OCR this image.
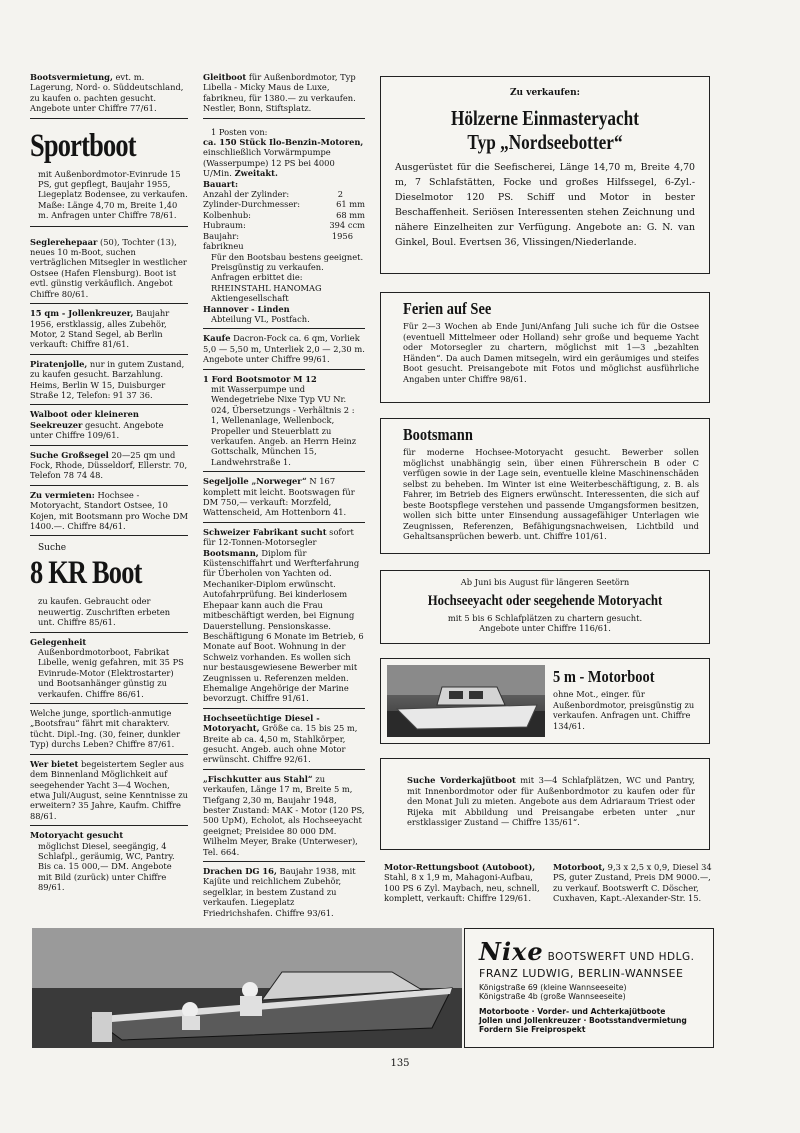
Bootsvermietung, evt. m. Lagerung, Nord- o. Süddeutschland, zu kaufen o. pachten gesucht. Angebote unter Chiffre 77/61.
Sportboot
mit Außenbordmotor-Evinrude 15 PS, gut gepflegt, Baujahr 1955, Liegeplatz Bodensee, zu verkaufen. Maße: Länge 4,70 m, Breite 1,40 m. Anfragen unter Chiffre 78/61.
Seglerehepaar (50), Tochter (13), neues 10 m-Boot, suchen verträglichen Mitsegler in westlicher Ostsee (Hafen Flensburg). Boot ist evtl. günstig verkäuflich. Angebot Chiffre 80/61.
15 qm - Jollenkreuzer, Baujahr 1956, erstklassig, alles Zubehör, Motor, 2 Stand Segel, ab Berlin verkauft: Chiffre 81/61.
Piratenjolle, nur in gutem Zustand, zu kaufen gesucht. Barzahlung. Heims, Berlin W 15, Duisburger Straße 12, Telefon: 91 37 36.
Walboot oder kleineren Seekreuzer gesucht. Angebote unter Chiffre 109/61.
Suche Großsegel 20—25 qm und Fock, Rhode, Düsseldorf, Ellerstr. 70, Telefon 78 74 48.
Zu vermieten: Hochsee - Motoryacht, Standort Ostsee, 10 Kojen, mit Bootsmann pro Woche DM 1400.—. Chiffre 84/61.
Suche
8 KR Boot
zu kaufen. Gebraucht oder neuwertig. Zuschriften erbeten unt. Chiffre 85/61.
Gelegenheit
Außenbordmotorboot, Fabrikat Libelle, wenig gefahren, mit 35 PS Evinrude-Motor (Elektrostarter) und Bootsanhänger günstig zu verkaufen. Chiffre 86/61.
Welche junge, sportlich-anmutige „Bootsfrau“ fährt mit charakterv. tücht. Dipl.-Ing. (30, feiner, dunkler Typ) durchs Leben? Chiffre 87/61.
Wer bietet begeistertem Segler aus dem Binnenland Möglichkeit auf seegehender Yacht 3—4 Wochen, etwa Juli/August, seine Kenntnisse zu erweitern? 35 Jahre, Kaufm. Chiffre 88/61.
Motoryacht gesucht
möglichst Diesel, seegängig, 4 Schlafpl., geräumig, WC, Pantry. Bis ca. 15 000,— DM. Angebote mit Bild (zurück) unter Chiffre 89/61.
Gleitboot für Außenbordmotor, Typ Libella - Micky Maus de Luxe, fabrikneu, für 1380.— zu verkaufen. Nestler, Bonn, Stiftsplatz.
1 Posten von:
ca. 150 Stück Ilo-Benzin-Motoren, einschließlich Vorwärmpumpe (Wasserpumpe) 12 PS bei 4000 U/Min. Zweitakt.
Bauart:
Anzahl der Zylinder:	2
Zylinder-Durchmesser:	61 mm
Kolbenhub:	68 mm
Hubraum:	394 ccm
Baujahr:	1956
fabrikneu
Für den Bootsbau bestens geeignet. Preisgünstig zu verkaufen. Anfragen erbittet die:
RHEINSTAHL HANOMAG
Aktiengesellschaft
Hannover - Linden
Abteilung VL, Postfach.
Kaufe Dacron-Fock ca. 6 qm, Vorliek 5,0 — 5,50 m, Unterliek 2,0 — 2,30 m. Angebote unter Chiffre 99/61.
1 Ford Bootsmotor M 12
mit Wasserpumpe und Wendegetriebe Nixe Typ VU Nr. 024, Übersetzungs - Verhältnis 2 : 1, Wellenanlage, Wellenbock, Propeller und Steuerblatt zu verkaufen. Angeb. an Herrn Heinz Gottschalk, München 15, Landwehrstraße 1.
Segeljolle „Norweger“ N 167 komplett mit leicht. Bootswagen für DM 750,— verkauft: Morzfeld, Wattenscheid, Am Hottenborn 41.
Schweizer Fabrikant sucht sofort für 12-Tonnen-Motorsegler Bootsmann, Diplom für Küstenschiffahrt und Werfterfahrung für Überholen von Yachten od. Mechaniker-Diplom erwünscht. Autofahrprüfung. Bei kinderlosem Ehepaar kann auch die Frau mitbeschäftigt werden, bei Eignung Dauerstellung. Pensionskasse. Beschäftigung 6 Monate im Betrieb, 6 Monate auf Boot. Wohnung in der Schweiz vorhanden. Es wollen sich nur bestausgewiesene Bewerber mit Zeugnissen u. Referenzen melden. Ehemalige Angehörige der Marine bevorzugt. Chiffre 91/61.
Hochseetüchtige Diesel - Motoryacht, Größe ca. 15 bis 25 m, Breite ab ca. 4,50 m, Stahlkörper, gesucht. Angeb. auch ohne Motor erwünscht. Chiffre 92/61.
„Fischkutter aus Stahl“ zu verkaufen, Länge 17 m, Breite 5 m, Tiefgang 2,30 m, Baujahr 1948, bester Zustand: MAK - Motor (120 PS, 500 UpM), Echolot, als Hochseeyacht geeignet; Preisidee 80 000 DM. Wilhelm Meyer, Brake (Unterweser), Tel. 664.
Drachen DG 16, Baujahr 1938, mit Kajüte und reichlichem Zubehör, segelklar, in bestem Zustand zu verkaufen. Liegeplatz Friedrichshafen. Chiffre 93/61.
Zu verkaufen:
Hölzerne Einmasteryacht
Typ „Nordseebotter“
Ausgerüstet für die Seefischerei, Länge 14,70 m, Breite 4,70 m, 7 Schlafstätten, Focke und großes Hilfssegel, 6-Zyl.-Dieselmotor 120 PS. Schiff und Motor in bester Beschaffenheit. Seriösen Interessenten stehen Zeichnung und nähere Einzelheiten zur Verfügung. Angebote an: G. N. van Ginkel, Boul. Evertsen 36, Vlissingen/Niederlande.
Ferien auf See
Für 2—3 Wochen ab Ende Juni/Anfang Juli suche ich für die Ostsee (eventuell Mittelmeer oder Holland) sehr große und bequeme Yacht oder Motorsegler zu chartern, möglichst mit 1—3 „bezahlten Händen“. Da auch Damen mitsegeln, wird ein geräumiges und steifes Boot gesucht. Preisangebote mit Fotos und möglichst ausführliche Angaben unter Chiffre 98/61.
Bootsmann
für moderne Hochsee-Motoryacht gesucht. Bewerber sollen möglichst unabhängig sein, über einen Führerschein B oder C verfügen sowie in der Lage sein, eventuelle kleine Maschinenschäden selbst zu beheben. Im Winter ist eine Weiterbeschäftigung, z. B. als Fahrer, im Betrieb des Eigners erwünscht. Interessenten, die sich auf beste Bootspflege verstehen und passende Umgangsformen besitzen, wollen sich bitte unter Einsendung aussagefähiger Unterlagen wie Zeugnissen, Referenzen, Befähigungsnachweisen, Lichtbild und Gehaltsansprüchen bewerb. unt. Chiffre 101/61.
Ab Juni bis August für längeren Seetörn
Hochseeyacht oder seegehende Motoryacht
mit 5 bis 6 Schlafplätzen zu chartern gesucht.
Angebote unter Chiffre 116/61.
5 m - Motorboot
ohne Mot., einger. für Außenbordmotor, preisgünstig zu verkaufen. Anfragen unt. Chiffre 134/61.
Suche Vorderkajütboot mit 3—4 Schlafplätzen, WC und Pantry, mit Innenbordmotor oder für Außenbordmotor zu kaufen oder für den Monat Juli zu mieten. Angebote aus dem Adriaraum Triest oder Rijeka mit Abbildung und Preisangabe erbeten unter „nur erstklassiger Zustand — Chiffre 135/61“.
Motor-Rettungsboot (Autoboot), Stahl, 8 x 1,9 m, Mahagoni-Aufbau, 100 PS 6 Zyl. Maybach, neu, schnell, komplett, verkauft: Chiffre 129/61.
Motorboot, 9,3 x 2,5 x 0,9, Diesel 34 PS, guter Zustand, Preis DM 9000.—, zu verkauf. Bootswerft C. Döscher, Cuxhaven, Kapt.-Alexander-Str. 15.
Nixe BOOTSWERFT UND HDLG.
FRANZ LUDWIG, BERLIN-WANNSEE
Königstraße 69 (kleine Wannseeseite)
Königstraße 4b (große Wannseeseite)
Motorboote · Vorder- und Achterkajütboote
Jollen und Jollenkreuzer · Bootsstandvermietung
Fordern Sie Freiprospekt
135
